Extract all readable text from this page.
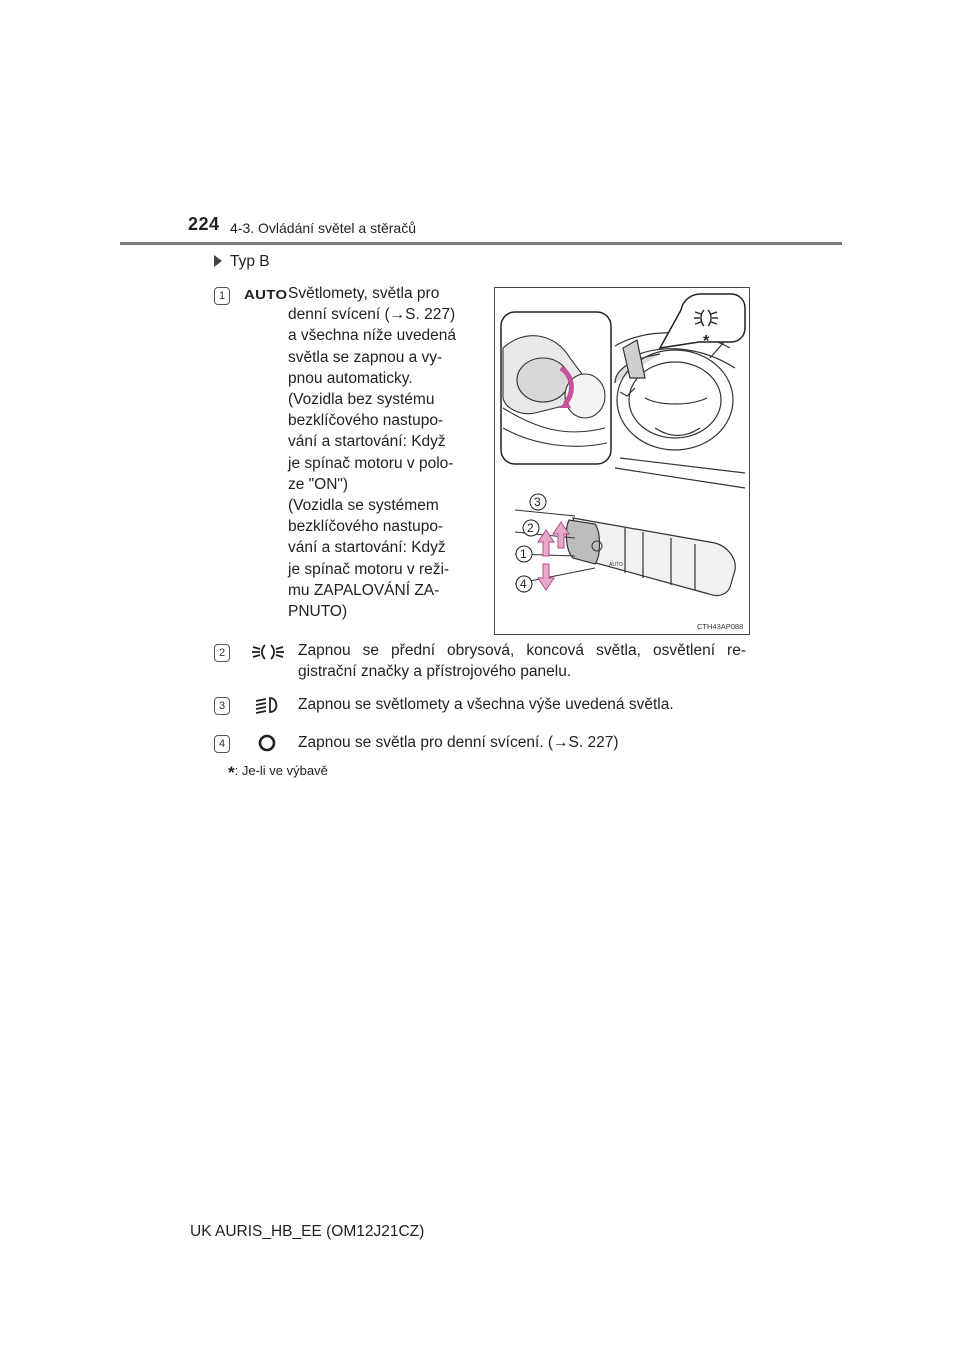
224 4-3. Ovládání světel a stěračů
Typ B
1	AUTO Světlomety, světla pro
denní svícení (→S. 227)
a všechna níže uvedená
světla se zapnou a vy-
pnou automaticky.
(Vozidla bez systému
bezklíčového nastupo-
vání a startování: Když
je spínač motoru v polo-
ze "ON")
(Vozidla se systémem
bezklíčového nastupo-
vání a startování: Když
je spínač motoru v reži-
mu ZAPALOVÁNÍ ZA-
PNUTO)
*
AUTO
3
2
1
4
CTH43AP088
2	Zapnou se přední obrysová, koncová světla, osvětlení re-
gistrační značky a přístrojového panelu.
3	Zapnou se světlomety a všechna výše uvedená světla.
4	Zapnou se světla pro denní svícení. (→S. 227)
*: Je-li ve výbavě
UK AURIS_HB_EE (OM12J21CZ)
